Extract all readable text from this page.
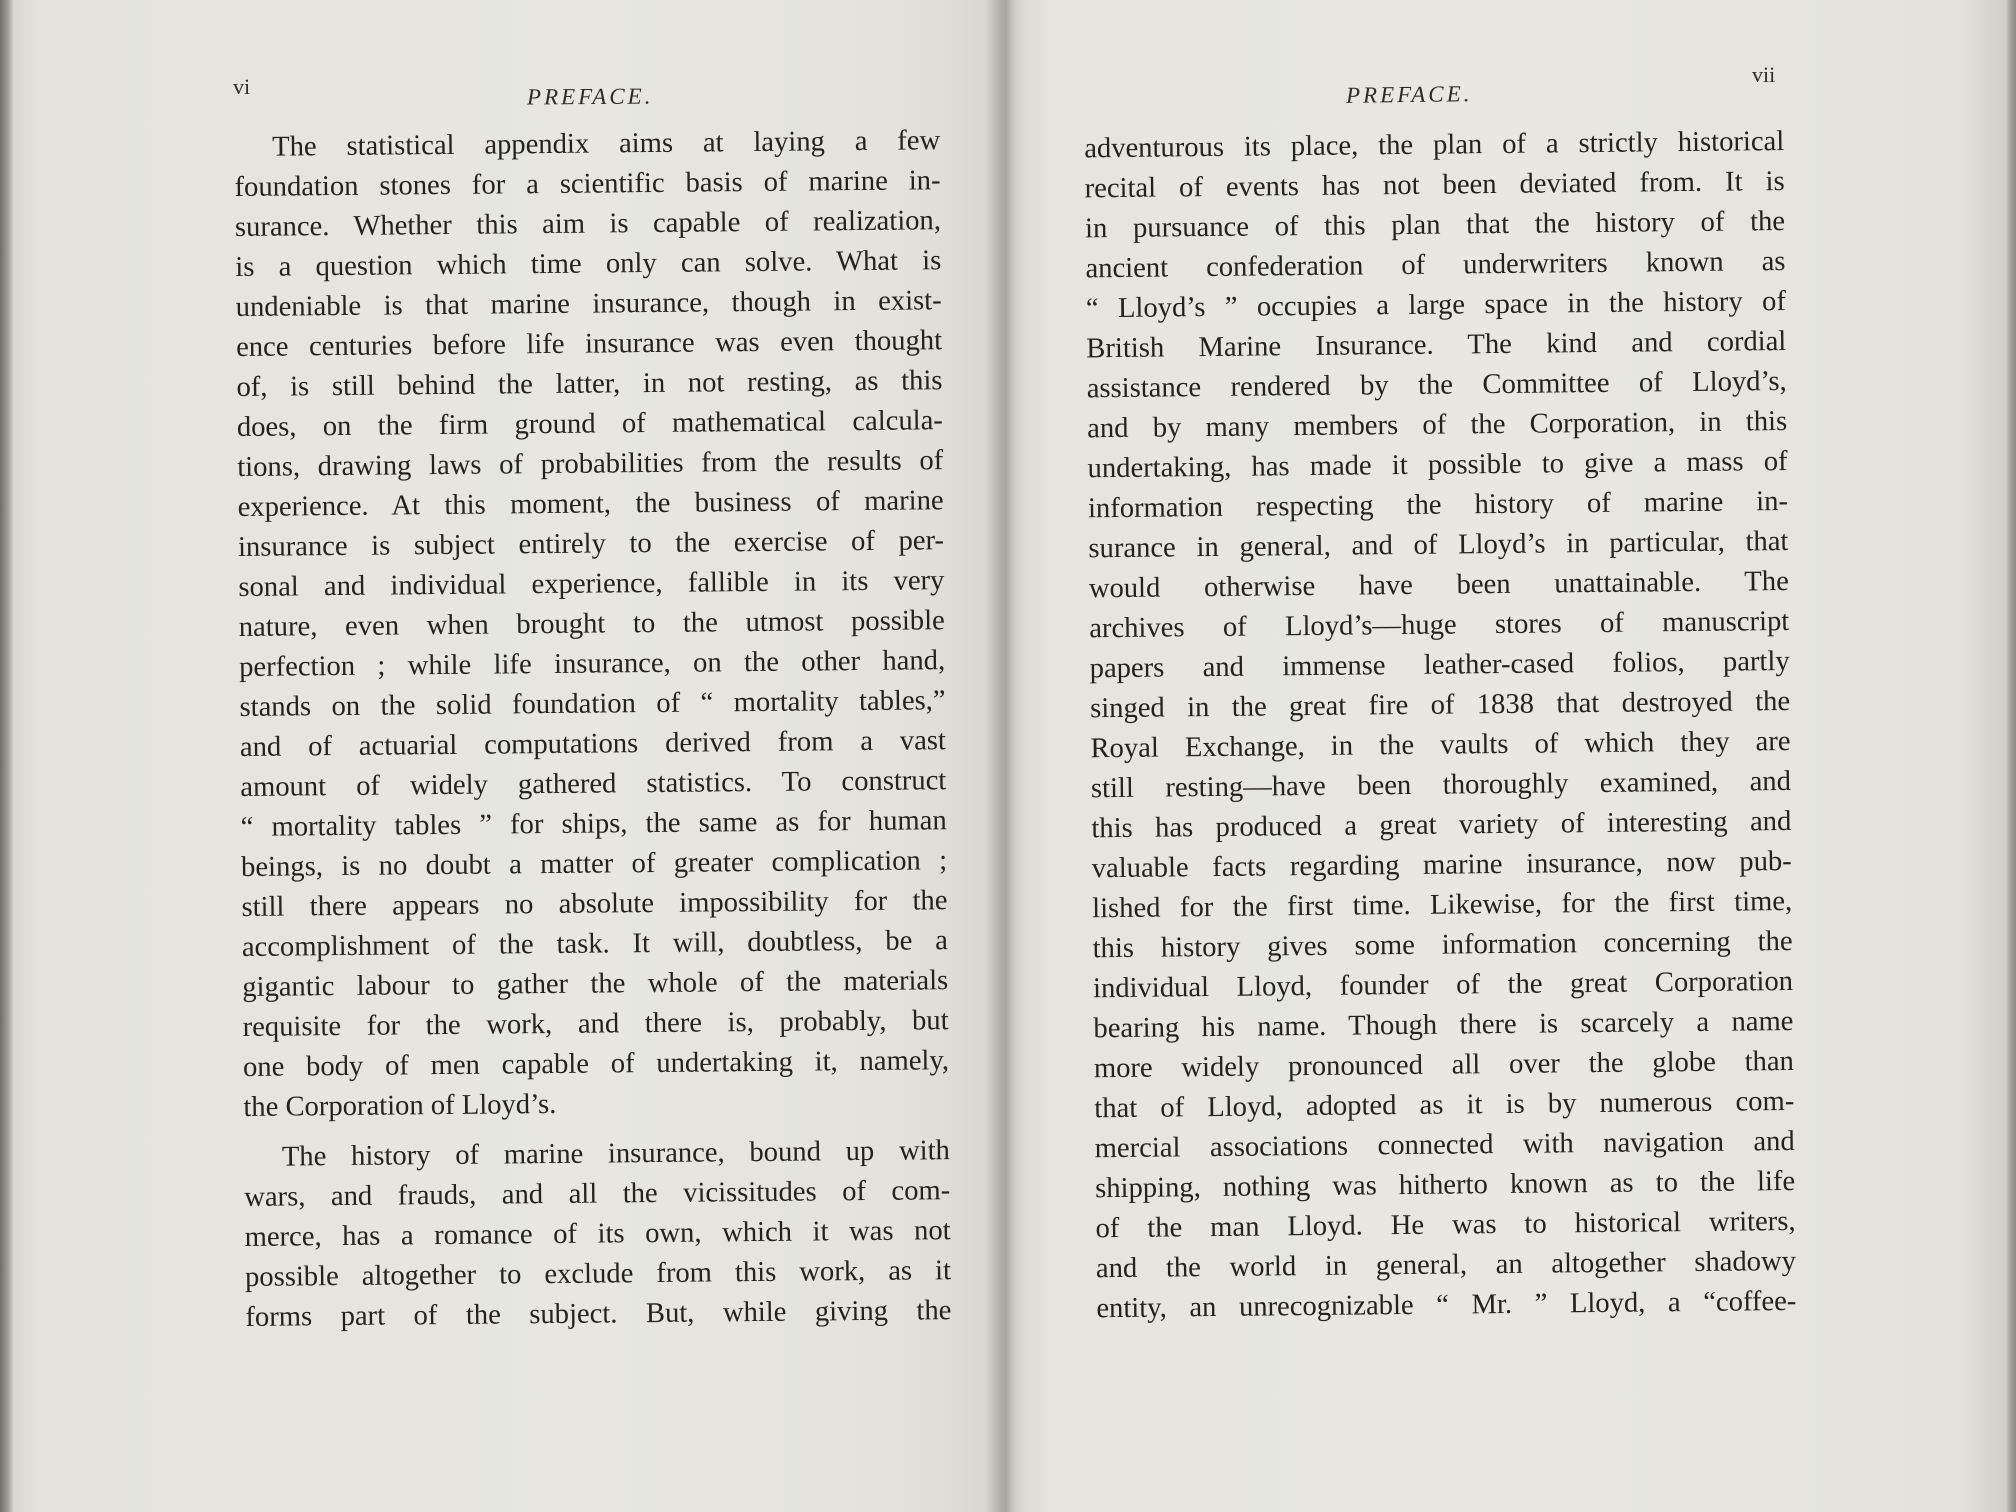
vi	PREFACE.
The statistical appendix aims at laying a few
foundation stones for a scientific basis of marine in-
surance. Whether this aim is capable of realization,
is a question which time only can solve. What is
undeniable is that marine insurance, though in exist-
ence centuries before life insurance was even thought
of, is still behind the latter, in not resting, as this
does, on the firm ground of mathematical calcula-
tions, drawing laws of probabilities from the results of
experience. At this moment, the business of marine
insurance is subject entirely to the exercise of per-
sonal and individual experience, fallible in its very
nature, even when brought to the utmost possible
perfection ; while life insurance, on the other hand,
stands on the solid foundation of “ mortality tables,”
and of actuarial computations derived from a vast
amount of widely gathered statistics. To construct
“ mortality tables ” for ships, the same as for human
beings, is no doubt a matter of greater complication ;
still there appears no absolute impossibility for the
accomplishment of the task. It will, doubtless, be a
gigantic labour to gather the whole of the materials
requisite for the work, and there is, probably, but
one body of men capable of undertaking it, namely,
the Corporation of Lloyd’s.
The history of marine insurance, bound up with
wars, and frauds, and all the vicissitudes of com-
merce, has a romance of its own, which it was not
possible altogether to exclude from this work, as it
forms part of the subject. But, while giving the
PREFACE.
vii
adventurous its place, the plan of a strictly historical
recital of events has not been deviated from. It is
in pursuance of this plan that the history of the
ancient confederation of underwriters known as
“ Lloyd’s ” occupies a large space in the history of
British Marine Insurance. The kind and cordial
assistance rendered by the Committee of Lloyd’s,
and by many members of the Corporation, in this
undertaking, has made it possible to give a mass of
information respecting the history of marine in-
surance in general, and of Lloyd’s in particular, that
would otherwise have been unattainable. The
archives of Lloyd’s—huge stores of manuscript
papers and immense leather-cased folios, partly
singed in the great fire of 1838 that destroyed the
Royal Exchange, in the vaults of which they are
still resting—have been thoroughly examined, and
this has produced a great variety of interesting and
valuable facts regarding marine insurance, now pub-
lished for the first time. Likewise, for the first time,
this history gives some information concerning the
individual Lloyd, founder of the great Corporation
bearing his name. Though there is scarcely a name
more widely pronounced all over the globe than
that of Lloyd, adopted as it is by numerous com-
mercial associations connected with navigation and
shipping, nothing was hitherto known as to the life
of the man Lloyd. He was to historical writers,
and the world in general, an altogether shadowy
entity, an unrecognizable “ Mr. ” Lloyd, a “coffee-
